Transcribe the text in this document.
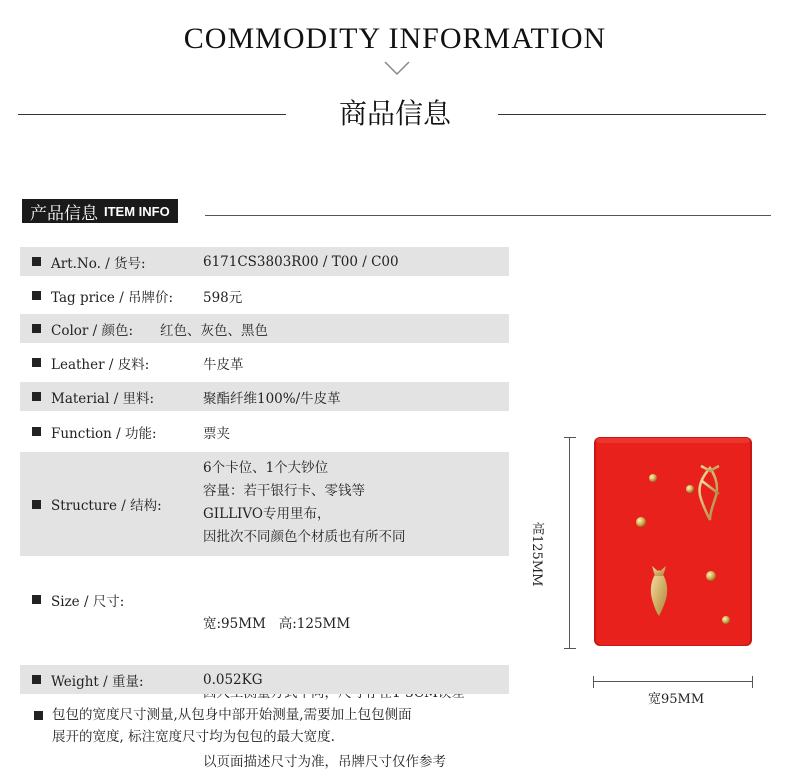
COMMODITY INFORMATION
商品信息
产品信息 ITEM INFO
Art.No. / 货号:	6171CS3803R00 / T00 / C00
Tag price / 吊牌价: 598元
Color / 颜色: 红色、灰色、黑色
Leather / 皮料:	牛皮革
Material / 里料:	聚酯纤维100%/牛皮革
Function / 功能:	票夹
Structure / 结构:
6个卡位、1个大钞位
容量：若干银行卡、零钱等
GILLIVO专用里布，
因批次不同颜色个材质也有所不同
Size / 尺寸:

宽:95MM   高:125MM

以页面描述尺寸为准，吊牌尺寸仅作参考

Weight / 重量:	0.052KG
包包的宽度尺寸测量,从包身中部开始测量,需要加上包包侧面
展开的宽度, 标注宽度尺寸均为包包的最大宽度.
高125MM
宽95MM
